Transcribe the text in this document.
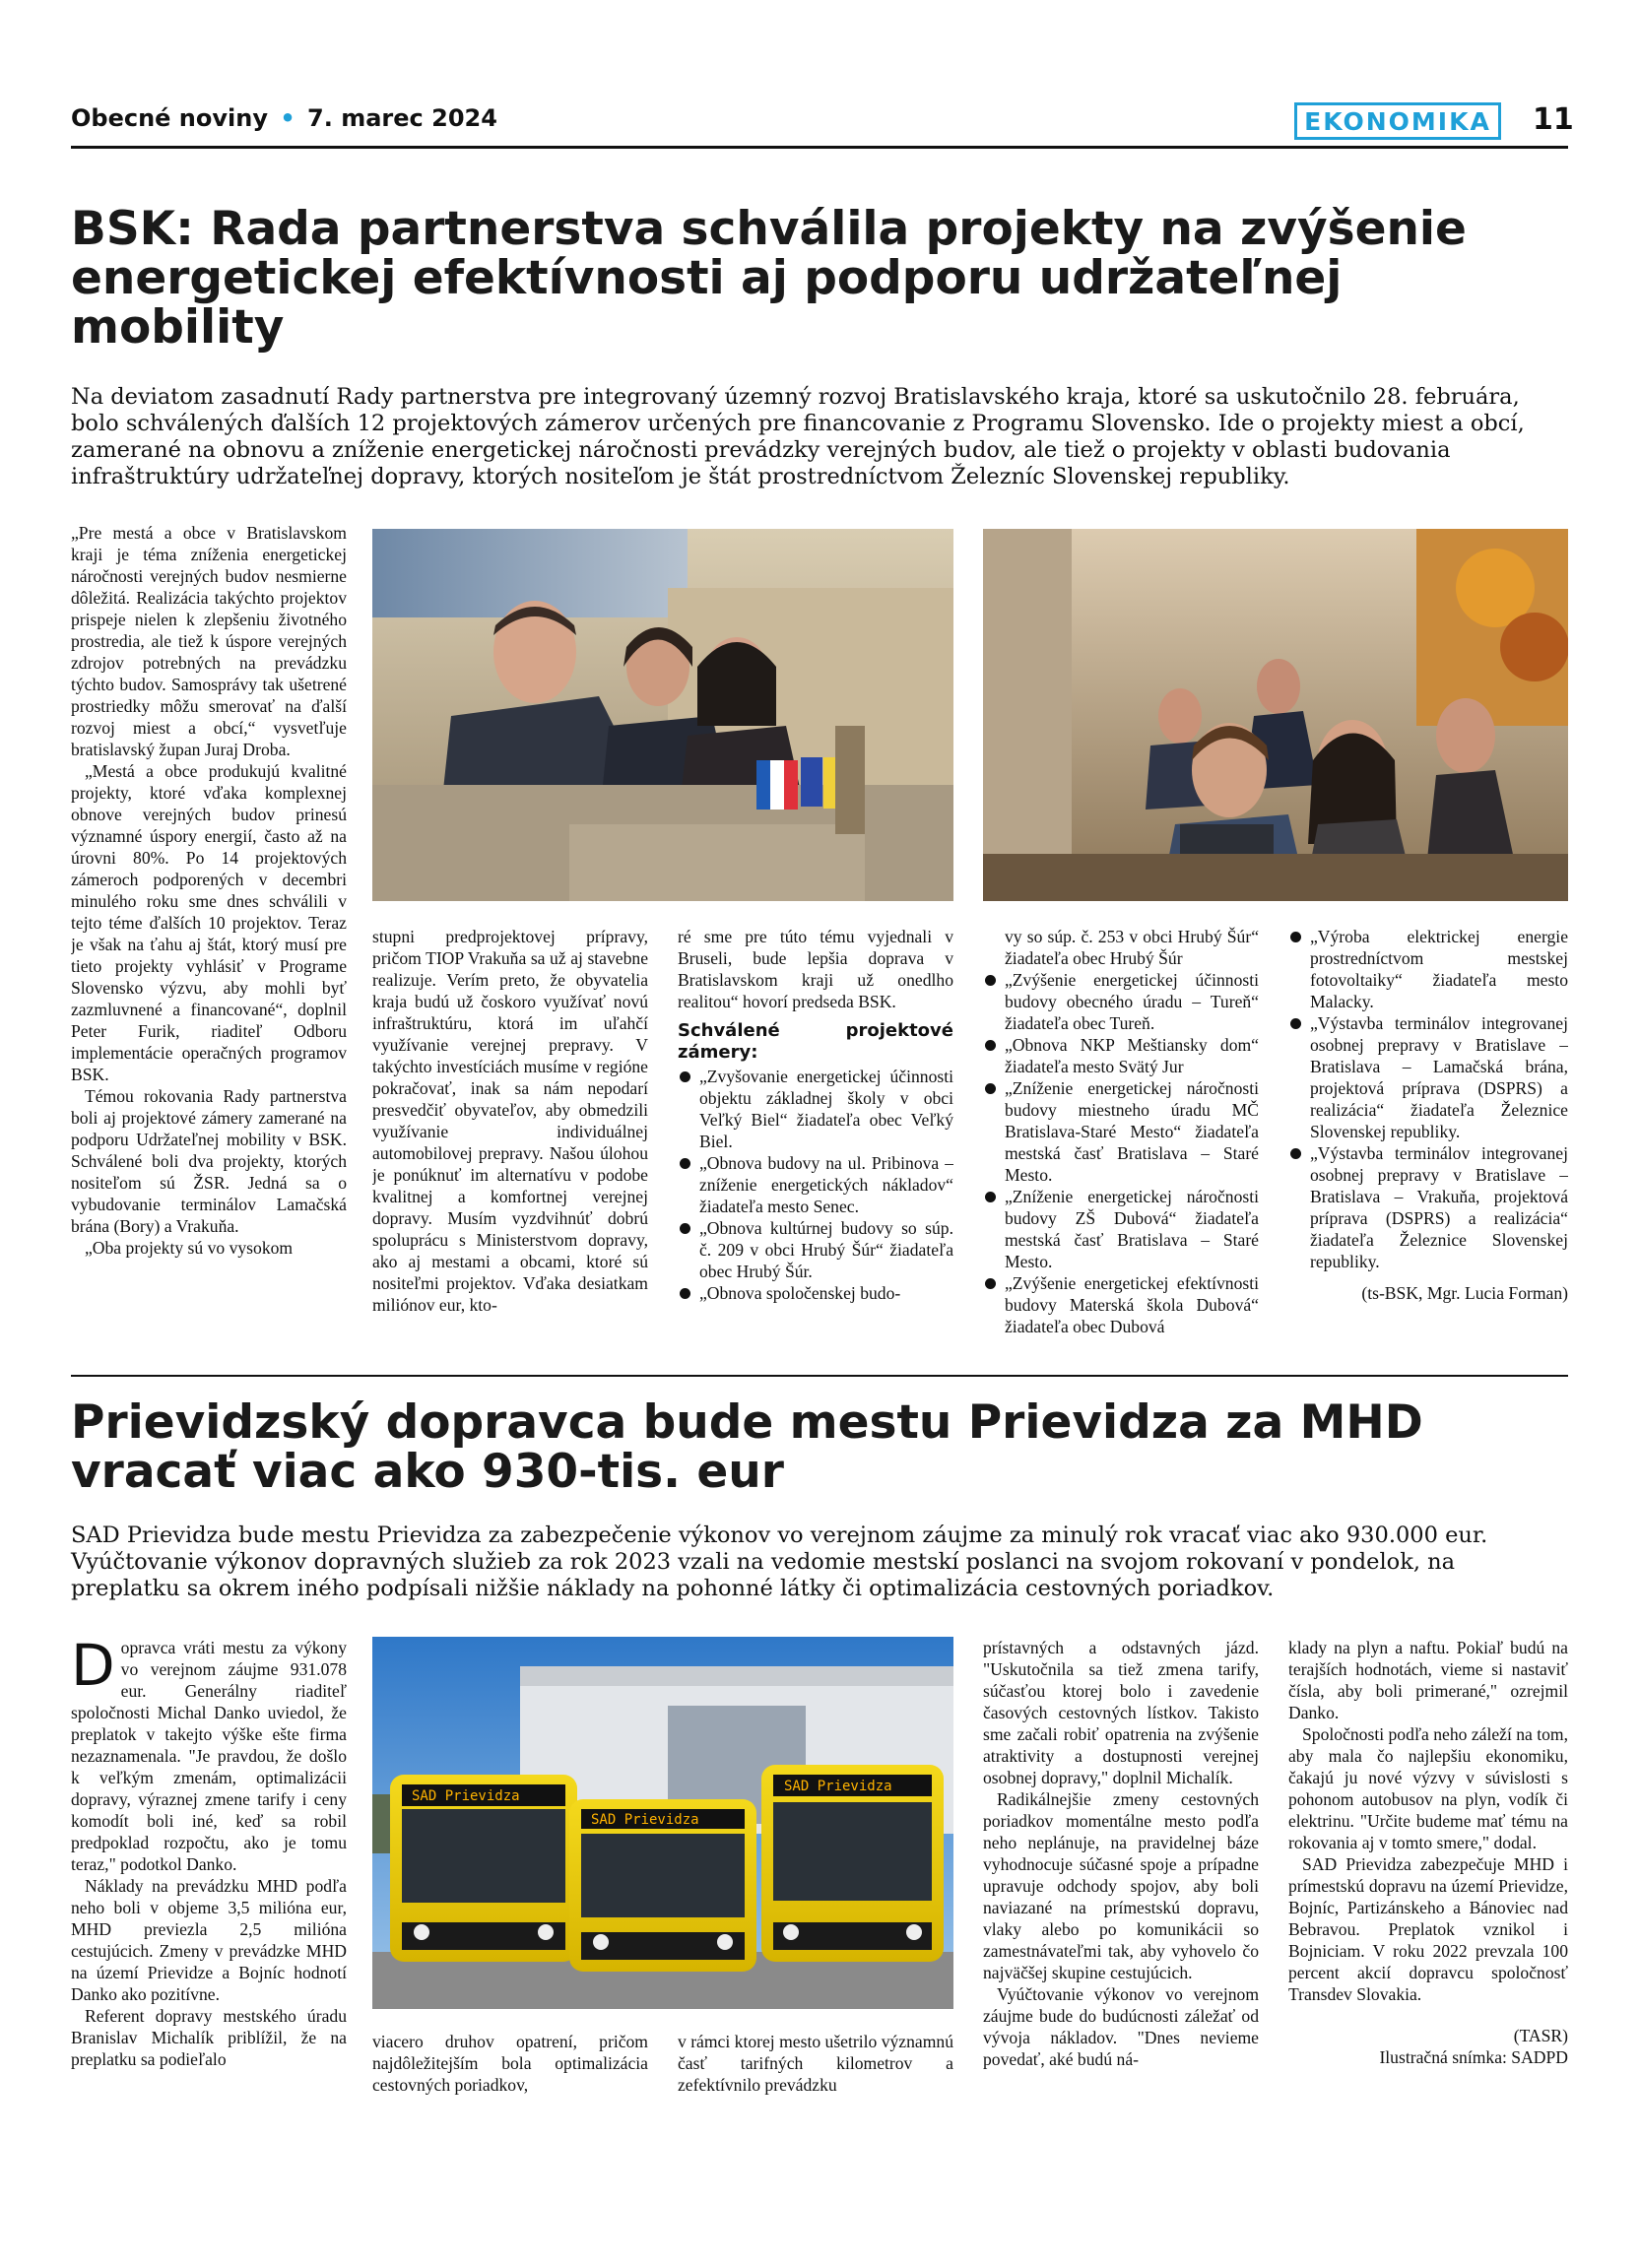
Obecné noviny • 7. marec 2024	EKONOMIKA	11
BSK: Rada partnerstva schválila projekty na zvýšenie energetickej efektívnosti aj podporu udržateľnej mobility

Na deviatom zasadnutí Rady partnerstva pre integrovaný územný rozvoj Bratislavského kraja, ktoré sa uskutočnilo 28. februára, bolo schválených ďalších 12 projektových zámerov určených pre financovanie z Programu Slovensko. Ide o projekty miest a obcí, zamerané na obnovu a zníženie energetickej náročnosti prevádzky verejných budov, ale tiež o projekty v oblasti budovania infraštruktúry udržateľnej dopravy, ktorých nositeľom je štát prostredníctvom Železníc Slovenskej republiky.

„Pre mestá a obce v Bratislavskom kraji je téma zníženia energetickej náročnosti verejných budov nesmierne dôležitá. Realizácia takýchto projektov prispeje nielen k zlepšeniu životného prostredia, ale tiež k úspore verejných zdrojov potrebných na prevádzku týchto budov. Samosprávy tak ušetrené prostriedky môžu smerovať na ďalší rozvoj miest a obcí,“ vysvetľuje bratislavský župan Juraj Droba.

„Mestá a obce produkujú kvalitné projekty, ktoré vďaka komplexnej obnove verejných budov prinesú významné úspory energií, často až na úrovni 80%. Po 14 projektových zámeroch podporených v decembri minulého roku sme dnes schválili v tejto téme ďalších 10 projektov. Teraz je však na ťahu aj štát, ktorý musí pre tieto projekty vyhlásiť v Programe Slovensko výzvu, aby mohli byť zazmluvnené a financované“, doplnil Peter Furik, riaditeľ Odboru implementácie operačných programov BSK.

Témou rokovania Rady partnerstva boli aj projektové zámery zamerané na podporu Udržateľnej mobility v BSK. Schválené boli dva projekty, ktorých nositeľom sú ŽSR. Jedná sa o vybudovanie terminálov Lamačská brána (Bory) a Vrakuňa.

„Oba projekty sú vo vysokom

stupni predprojektovej prípravy, pričom TIOP Vrakuňa sa už aj stavebne realizuje. Verím preto, že obyvatelia kraja budú už čoskoro využívať novú infraštruktúru, ktorá im uľahčí využívanie verejnej prepravy. V takýchto investíciách musíme v regióne pokračovať, inak sa nám nepodarí presvedčiť obyvateľov, aby obmedzili využívanie individuálnej automobilovej prepravy. Našou úlohou je ponúknuť im alternatívu v podobe kvalitnej a komfortnej verejnej dopravy. Musím vyzdvihnúť dobrú spoluprácu s Ministerstvom dopravy, ako aj mestami a obcami, ktoré sú nositeľmi projektov. Vďaka desiatkam miliónov eur, kto-

ré sme pre túto tému vyjednali v Bruseli, bude lepšia doprava v Bratislavskom kraji už onedlho realitou“ hovorí predseda BSK.

Schválené projektové zámery:

„Zvyšovanie energetickej účinnosti objektu základnej školy v obci Veľký Biel“ žiadateľa obec Veľký Biel.

„Obnova budovy na ul. Pribinova – zníženie energetických nákladov“ žiadateľa mesto Senec.

„Obnova kultúrnej budovy so súp. č. 209 v obci Hrubý Šúr“ žiadateľa obec Hrubý Šúr.

„Obnova spoločenskej budo-

vy so súp. č. 253 v obci Hrubý Šúr“ žiadateľa obec Hrubý Šúr

„Zvýšenie energetickej účinnosti budovy obecného úradu – Tureň“ žiadateľa obec Tureň.

„Obnova NKP Meštiansky dom“ žiadateľa mesto Svätý Jur

„Zníženie energetickej náročnosti budovy miestneho úradu MČ Bratislava-Staré Mesto“ žiadateľa mestská časť Bratislava – Staré Mesto.

„Zníženie energetickej náročnosti budovy ZŠ Dubová“ žiadateľa mestská časť Bratislava – Staré Mesto.

„Zvýšenie energetickej efektívnosti budovy Materská škola Dubová“ žiadateľa obec Dubová

„Výroba elektrickej energie prostredníctvom mestskej fotovoltaiky“ žiadateľa mesto Malacky.

„Výstavba terminálov integrovanej osobnej prepravy v Bratislave – Bratislava – Lamačská brána, projektová príprava (DSPRS) a realizácia“ žiadateľa Železnice Slovenskej republiky.

„Výstavba terminálov integrovanej osobnej prepravy v Bratislave – Bratislava – Vrakuňa, projektová príprava (DSPRS) a realizácia“ žiadateľa Železnice Slovenskej republiky.

(ts-BSK, Mgr. Lucia Forman)

Prievidzský dopravca bude mestu Prievidza za MHD vracať viac ako 930-tis. eur

SAD Prievidza bude mestu Prievidza za zabezpečenie výkonov vo verejnom záujme za minulý rok vracať viac ako 930.000 eur. Vyúčtovanie výkonov dopravných služieb za rok 2023 vzali na vedomie mestskí poslanci na svojom rokovaní v pondelok, na preplatku sa okrem iného podpísali nižšie náklady na pohonné látky či optimalizácia cestovných poriadkov.

Dopravca vráti mestu za výkony vo verejnom záujme 931.078 eur. Generálny riaditeľ spoločnosti Michal Danko uviedol, že preplatok v takejto výške ešte firma nezaznamenala. "Je pravdou, že došlo k veľkým zmenám, optimalizácii dopravy, výraznej zmene tarify i ceny komodít boli iné, keď sa robil predpoklad rozpočtu, ako je tomu teraz," podotkol Danko.

Náklady na prevádzku MHD podľa neho boli v objeme 3,5 milióna eur, MHD previezla 2,5 milióna cestujúcich. Zmeny v prevádzke MHD na území Prievidze a Bojníc hodnotí Danko ako pozitívne.

Referent dopravy mestského úradu Branislav Michalík priblížil, že na preplatku sa podieľalo

SAD Prievidza
SAD Prievidza
SAD Prievidza

viacero druhov opatrení, pričom najdôležitejším bola optimalizácia cestovných poriadkov,

v rámci ktorej mesto ušetrilo významnú časť tarifných kilometrov a zefektívnilo prevádzku

prístavných a odstavných jázd. "Uskutočnila sa tiež zmena tarify, súčasťou ktorej bolo i zavedenie časových cestovných lístkov. Takisto sme začali robiť opatrenia na zvýšenie atraktivity a dostupnosti verejnej osobnej dopravy," doplnil Michalík.

Radikálnejšie zmeny cestovných poriadkov momentálne mesto podľa neho neplánuje, na pravidelnej báze vyhodnocuje súčasné spoje a prípadne upravuje odchody spojov, aby boli naviazané na prímestskú dopravu, vlaky alebo po komunikácii so zamestnávateľmi tak, aby vyhovelo čo najväčšej skupine cestujúcich.

Vyúčtovanie výkonov vo verejnom záujme bude do budúcnosti záležať od vývoja nákladov. "Dnes nevieme povedať, aké budú ná-

klady na plyn a naftu. Pokiaľ budú na terajších hodnotách, vieme si nastaviť čísla, aby boli primerané," ozrejmil Danko.

Spoločnosti podľa neho záleží na tom, aby mala čo najlepšiu ekonomiku, čakajú ju nové výzvy v súvislosti s pohonom autobusov na plyn, vodík či elektrinu. "Určite budeme mať tému na rokovania aj v tomto smere," dodal.

SAD Prievidza zabezpečuje MHD i prímestskú dopravu na území Prievidze, Bojníc, Partizánskeho a Bánoviec nad Bebravou. Preplatok vznikol i Bojniciam. V roku 2022 prevzala 100 percent akcií dopravcu spoločnosť Transdev Slovakia.

(TASR)

Ilustračná snímka: SADPD
